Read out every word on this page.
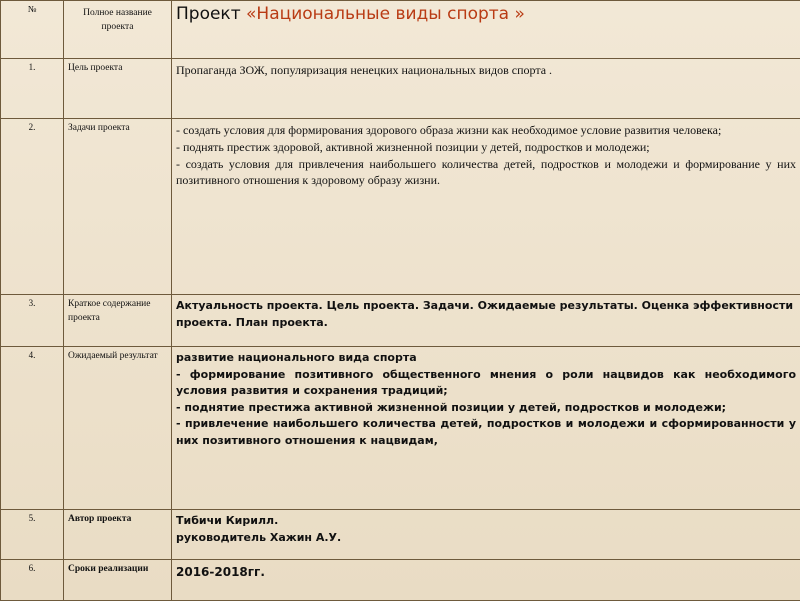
№	Полное название проекта	Проект «Национальные виды спорта »
1.	Цель проекта	Пропаганда ЗОЖ, популяризация ненецких национальных видов спорта .
2.	Задачи проекта	- создать условия для формирования здорового образа жизни как необходимое условие развития человека;
- поднять престиж здоровой, активной жизненной позиции у детей, подростков и молодежи;
- создать условия для привлечения наибольшего количества детей, подростков и молодежи и формирование у них позитивного отношения к здоровому образу жизни.

3.	Краткое содержание проекта	Актуальность проекта. Цель проекта. Задачи. Ожидаемые результаты. Оценка эффективности проекта. План проекта.
4.	Ожидаемый результат	развитие национального вида спорта
- формирование позитивного общественного мнения о роли нацвидов как необходимого условия развития и сохранения традиций;
- поднятие престижа активной жизненной позиции у детей, подростков и молодежи;
- привлечение наибольшего количества детей, подростков и молодежи и сформированности у них позитивного отношения к нацвидам,

5.	Автор проекта	Тибичи Кирилл.
руководитель Хажин А.У.

6.	Сроки реализации	2016-2018гг.
